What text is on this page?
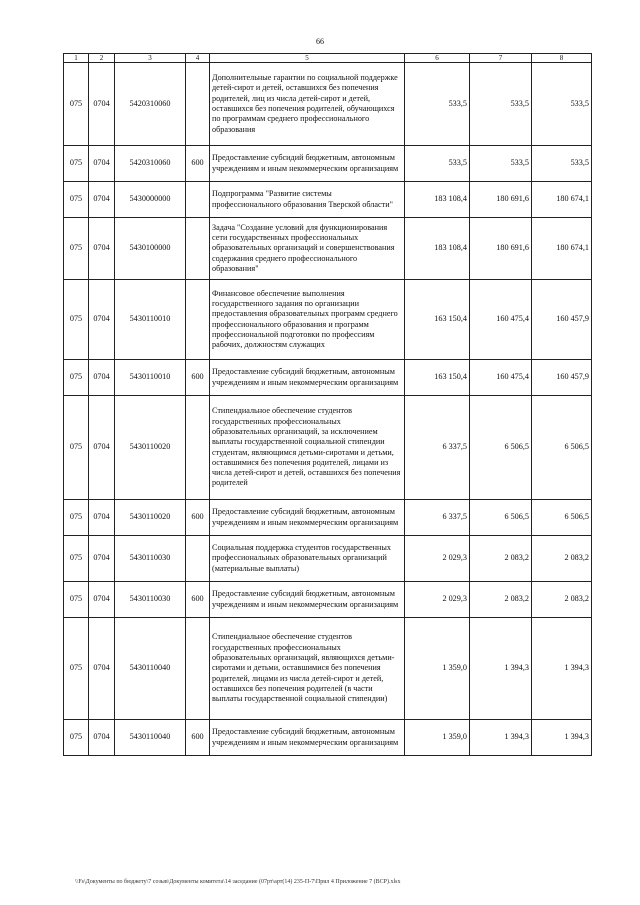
66
1	2	3	4	5	6	7	8
075	0704	5420310060		Дополнительные гарантии по социальной поддержке детей-сирот и детей, оставшихся без попечения родителей, лиц из числа детей-сирот и детей, оставшихся без попечения родителей, обучающихся по программам среднего профессионального образования	533,5	533,5	533,5
075	0704	5420310060	600	Предоставление субсидий бюджетным, автономным учреждениям и иным некоммерческим организациям	533,5	533,5	533,5
075	0704	5430000000		Подпрограмма "Развитие системы профессионального образования Тверской области"	183 108,4	180 691,6	180 674,1
075	0704	5430100000		Задача "Создание условий для функционирования сети государственных профессиональных образовательных организаций и совершенствования содержания среднего профессионального образования"	183 108,4	180 691,6	180 674,1
075	0704	5430110010		Финансовое обеспечение выполнения государственного задания по организации предоставления образовательных программ среднего профессионального образования и программ профессиональной подготовки по профессиям рабочих, должностям служащих	163 150,4	160 475,4	160 457,9
075	0704	5430110010	600	Предоставление субсидий бюджетным, автономным учреждениям и иным некоммерческим организациям	163 150,4	160 475,4	160 457,9
075	0704	5430110020		Стипендиальное обеспечение студентов государственных профессиональных образовательных организаций, за исключением выплаты государственной социальной стипендии студентам, являющимся детьми-сиротами и детьми, оставшимися без попечения родителей, лицами из числа детей-сирот и детей, оставшихся без попечения родителей	6 337,5	6 506,5	6 506,5
075	0704	5430110020	600	Предоставление субсидий бюджетным, автономным учреждениям и иным некоммерческим организациям	6 337,5	6 506,5	6 506,5
075	0704	5430110030		Социальная поддержка студентов государственных профессиональных образовательных организаций (материальные выплаты)	2 029,3	2 083,2	2 083,2
075	0704	5430110030	600	Предоставление субсидий бюджетным, автономным учреждениям и иным некоммерческим организациям	2 029,3	2 083,2	2 083,2
075	0704	5430110040		Стипендиальное обеспечение студентов государственных профессиональных образовательных организаций, являющихся детьми-сиротами и детьми, оставшимися без попечения родителей, лицами из числа детей-сирот и детей, оставшихся без попечения родителей (в части выплаты государственной социальной стипендии)	1 359,0	1 394,3	1 394,3
075	0704	5430110040	600	Предоставление субсидий бюджетным, автономным учреждениям и иным некоммерческим организациям	1 359,0	1 394,3	1 394,3
\\Fs\Документы по бюджету\7 созыв\Документы комитета\14 заседание (07рт\арт(14) 235-П-7\Прил 4 Приложение 7 (ВСР).xlsx
